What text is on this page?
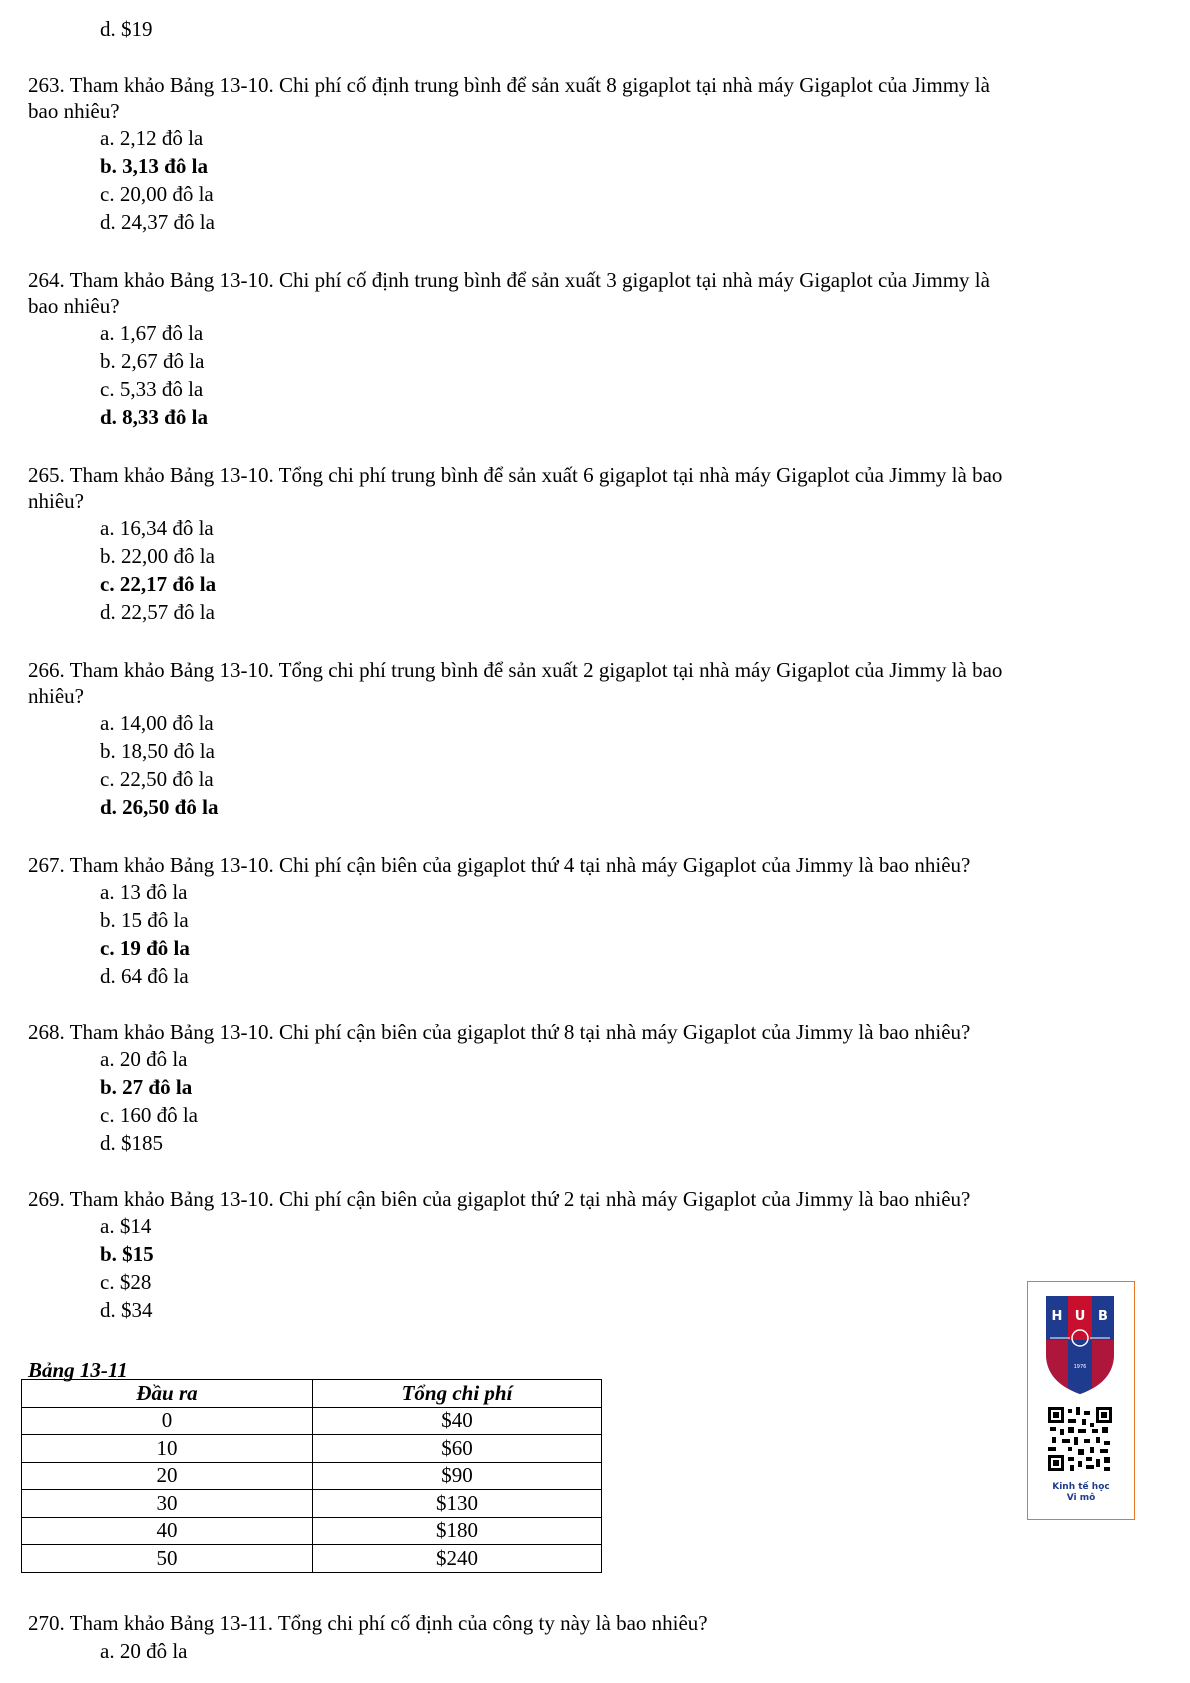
d. $19
263. Tham khảo Bảng 13-10. Chi phí cố định trung bình để sản xuất 8 gigaplot tại nhà máy Gigaplot của Jimmy là
bao nhiêu?
a. 2,12 đô la
b. 3,13 đô la
c. 20,00 đô la
d. 24,37 đô la
264. Tham khảo Bảng 13-10. Chi phí cố định trung bình để sản xuất 3 gigaplot tại nhà máy Gigaplot của Jimmy là
bao nhiêu?
a. 1,67 đô la
b. 2,67 đô la
c. 5,33 đô la
d. 8,33 đô la
265. Tham khảo Bảng 13-10. Tổng chi phí trung bình để sản xuất 6 gigaplot tại nhà máy Gigaplot của Jimmy là bao
nhiêu?
a. 16,34 đô la
b. 22,00 đô la
c. 22,17 đô la
d. 22,57 đô la
266. Tham khảo Bảng 13-10. Tổng chi phí trung bình để sản xuất 2 gigaplot tại nhà máy Gigaplot của Jimmy là bao
nhiêu?
a. 14,00 đô la
b. 18,50 đô la
c. 22,50 đô la
d. 26,50 đô la
267. Tham khảo Bảng 13-10. Chi phí cận biên của gigaplot thứ 4 tại nhà máy Gigaplot của Jimmy là bao nhiêu?
a. 13 đô la
b. 15 đô la
c. 19 đô la
d. 64 đô la
268. Tham khảo Bảng 13-10. Chi phí cận biên của gigaplot thứ 8 tại nhà máy Gigaplot của Jimmy là bao nhiêu?
a. 20 đô la
b. 27 đô la
c. 160 đô la
d. $185
269. Tham khảo Bảng 13-10. Chi phí cận biên của gigaplot thứ 2 tại nhà máy Gigaplot của Jimmy là bao nhiêu?
a. $14
b. $15
c. $28
d. $34
Bảng 13-11
Đầu ra	Tổng chi phí
0	$40
10	$60
20	$90
30	$130
40	$180
50	$240
270. Tham khảo Bảng 13-11. Tổng chi phí cố định của công ty này là bao nhiêu?
a. 20 đô la
H U B
1976
Kinh tế học
Vi mô
